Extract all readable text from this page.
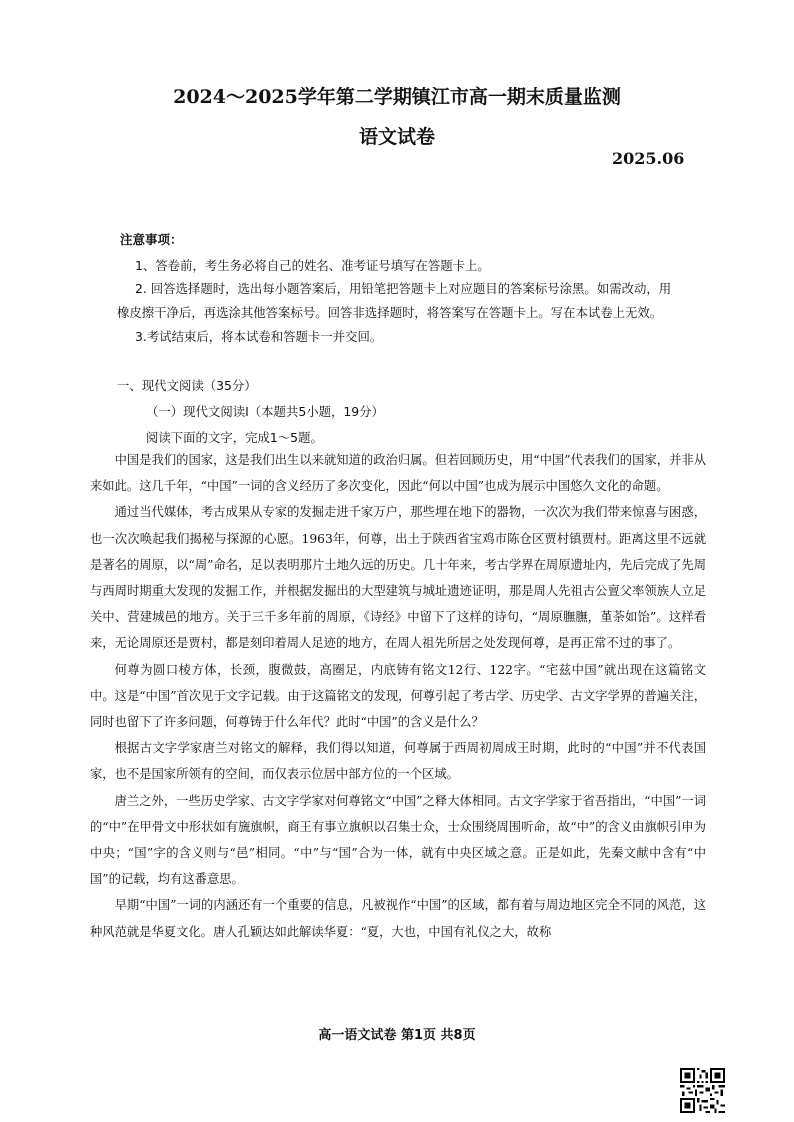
2024～2025学年第二学期镇江市高一期末质量监测
语文试卷
2025.06
注意事项：
1、答卷前，考生务必将自己的姓名、准考证号填写在答题卡上。
2. 回答选择题时，选出每小题答案后，用铅笔把答题卡上对应题目的答案标号涂黑。如需改动，用
橡皮擦干净后，再选涂其他答案标号。回答非选择题时，将答案写在答题卡上。写在本试卷上无效。
3.考试结束后，将本试卷和答题卡一并交回。
一、现代文阅读（35分）
（一）现代文阅读Ⅰ（本题共5小题，19分）
阅读下面的文字，完成1～5题。

中国是我们的国家，这是我们出生以来就知道的政治归属。但若回顾历史，用“中国”代表我们的国家，并非从来如此。这几千年，“中国”一词的含义经历了多次变化，因此“何以中国”也成为展示中国悠久文化的命题。

通过当代媒体，考古成果从专家的发掘走进千家万户，那些埋在地下的器物，一次次为我们带来惊喜与困惑，也一次次唤起我们揭秘与探源的心愿。1963年，何尊，出土于陕西省宝鸡市陈仓区贾村镇贾村。距离这里不远就是著名的周原，以“周”命名，足以表明那片土地久远的历史。几十年来，考古学界在周原遗址内，先后完成了先周与西周时期重大发现的发掘工作，并根据发掘出的大型建筑与城址遗迹证明，那是周人先祖古公亶父率领族人立足关中、营建城邑的地方。关于三千多年前的周原，《诗经》中留下了这样的诗句，“周原膴膴，堇荼如饴”。这样看来，无论周原还是贾村，都是刻印着周人足迹的地方，在周人祖先所居之处发现何尊，是再正常不过的事了。

何尊为圆口棱方体，长颈，腹微鼓，高圈足，内底铸有铭文12行、122字。“宅兹中国”就出现在这篇铭文中。这是“中国”首次见于文字记载。由于这篇铭文的发现，何尊引起了考古学、历史学、古文字学界的普遍关注，同时也留下了许多问题，何尊铸于什么年代？此时“中国”的含义是什么？

根据古文字学家唐兰对铭文的解释，我们得以知道，何尊属于西周初周成王时期，此时的“中国”并不代表国家，也不是国家所领有的空间，而仅表示位居中部方位的一个区域。

唐兰之外，一些历史学家、古文字学家对何尊铭文“中国”之释大体相同。古文字学家于省吾指出，“中国”一词的“中”在甲骨文中形状如有旒旗帜，商王有事立旗帜以召集士众，士众围绕周围听命，故“中”的含义由旗帜引申为中央；“国”字的含义则与“邑”相同。“中”与“国”合为一体，就有中央区域之意。正是如此，先秦文献中含有“中国”的记载，均有这番意思。

早期“中国”一词的内涵还有一个重要的信息，凡被视作“中国”的区域，都有着与周边地区完全不同的风范，这种风范就是华夏文化。唐人孔颖达如此解读华夏：“夏，大也，中国有礼仪之大，故称

高一语文试卷 第1页 共8页
